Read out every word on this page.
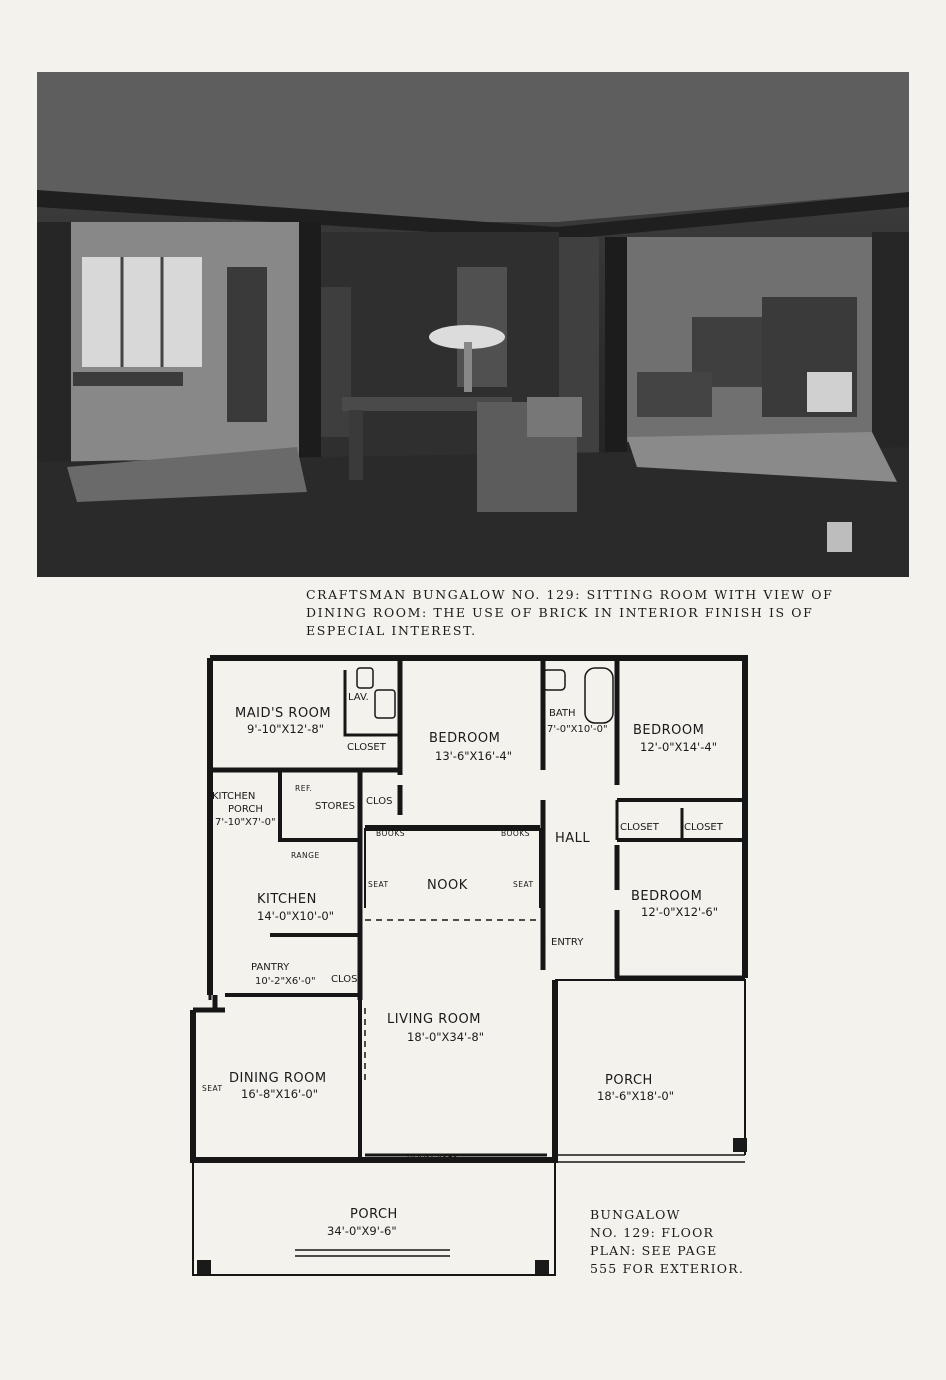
CRAFTSMAN BUNGALOW NO. 129: SITTING ROOM WITH VIEW OF
DINING ROOM: THE USE OF BRICK IN INTERIOR FINISH IS OF
ESPECIAL INTEREST.
MAID'S ROOM
9'-10"X12'-8"
LAV.
CLOSET
BEDROOM
13'-6"X16'-4"
BATH
7'-0"X10'-0" BEDROOM
12'-0"X14'-4"
KITCHEN
PORCH
7'-10"X7'-0"
REF.
STORES CLOS
BOOKS	BOOKS HALL
CLOSET	CLOSET
RANGE
SEAT	NOOK	SEAT
KITCHEN
14'-0"X10'-0"
BEDROOM
12'-0"X12'-6"
ENTRY
PANTRY
10'-2"X6'-0" CLOS
LIVING ROOM
18'-0"X34'-8"
DINING ROOM
16'-8"X16'-0"
SEAT
PORCH
18'-6"X18'-0"
DOOKCASES
PORCH
34'-0"X9'-6"
BUNGALOW
NO. 129: FLOOR
PLAN: SEE PAGE
555 FOR EXTERIOR.
